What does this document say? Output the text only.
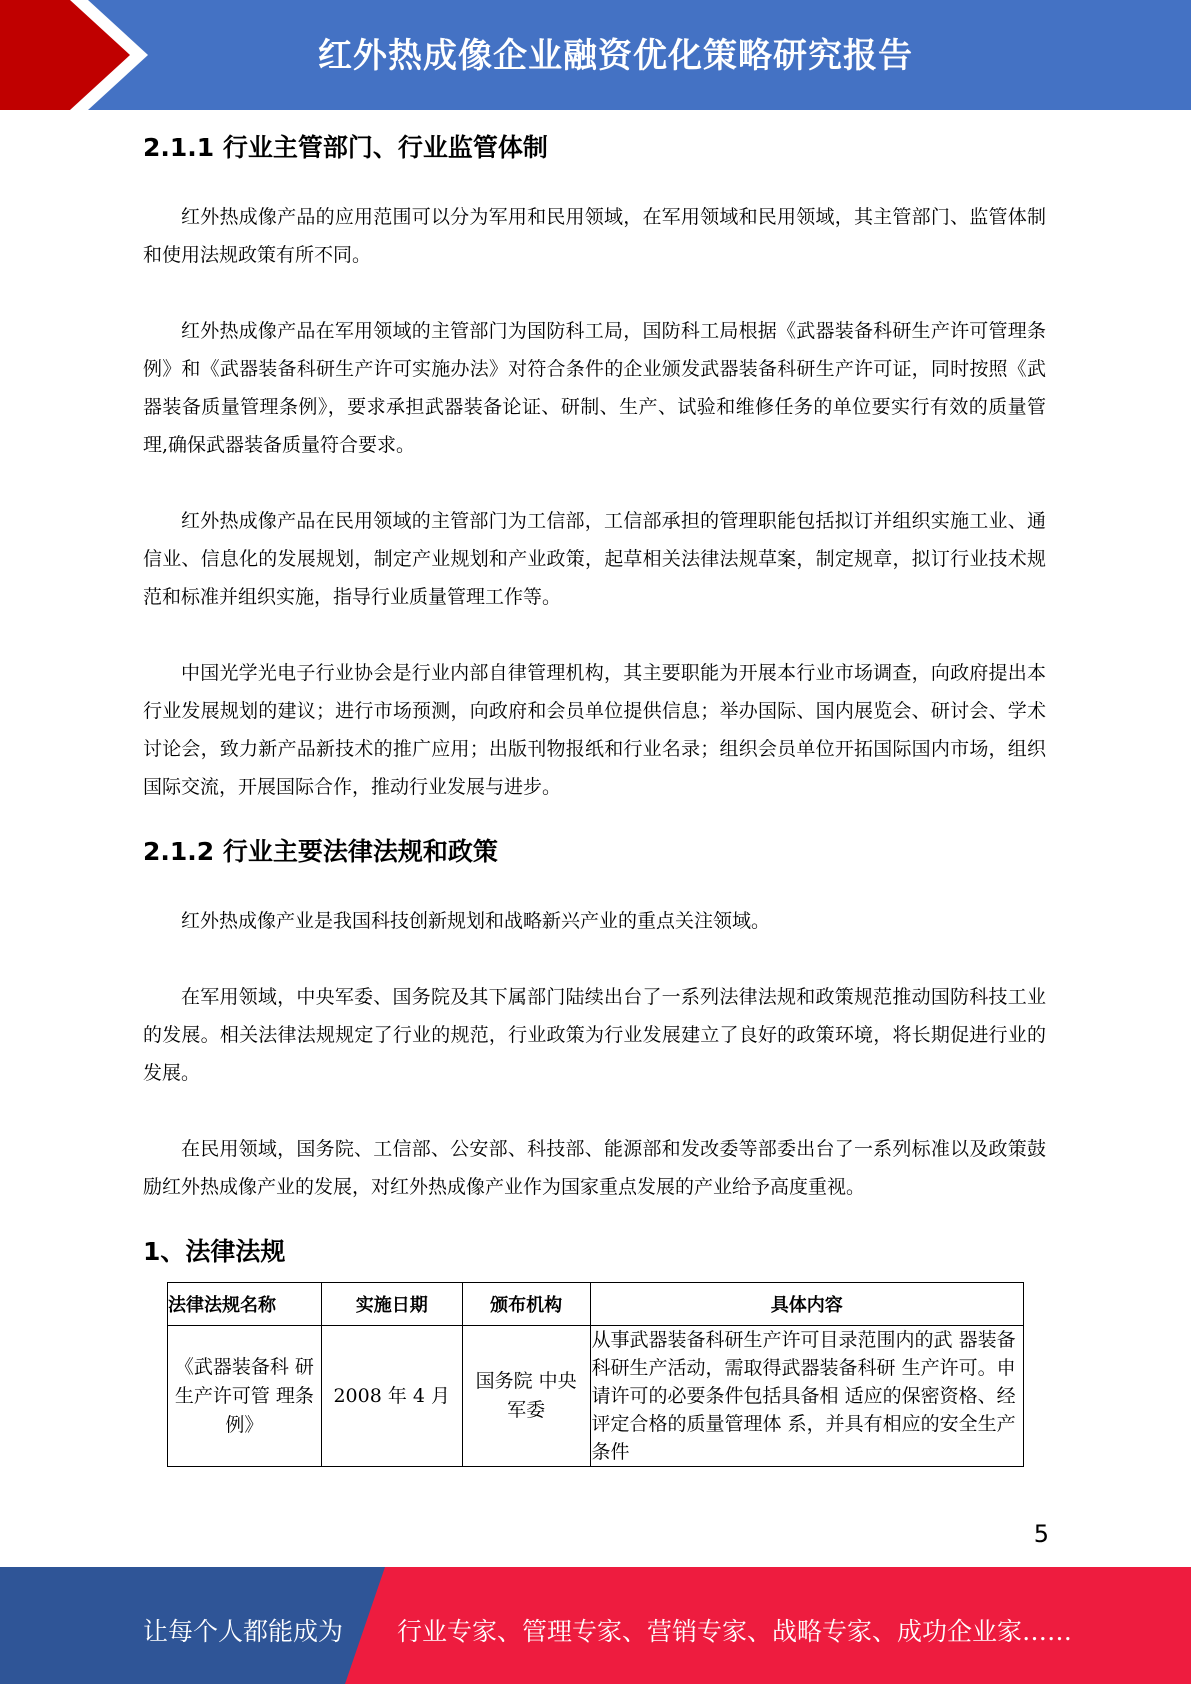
红外热成像企业融资优化策略研究报告
2.1.1 行业主管部门、行业监管体制

红外热成像产品的应用范围可以分为军用和民用领域，在军用领域和民用领域，其主管部门、监管体制和使用法规政策有所不同。

红外热成像产品在军用领域的主管部门为国防科工局，国防科工局根据《武器装备科研生产许可管理条例》和《武器装备科研生产许可实施办法》对符合条件的企业颁发武器装备科研生产许可证，同时按照《武器装备质量管理条例》，要求承担武器装备论证、研制、生产、试验和维修任务的单位要实行有效的质量管理,确保武器装备质量符合要求。

红外热成像产品在民用领域的主管部门为工信部，工信部承担的管理职能包括拟订并组织实施工业、通信业、信息化的发展规划，制定产业规划和产业政策，起草相关法律法规草案，制定规章，拟订行业技术规范和标准并组织实施，指导行业质量管理工作等。

中国光学光电子行业协会是行业内部自律管理机构，其主要职能为开展本行业市场调查，向政府提出本行业发展规划的建议；进行市场预测，向政府和会员单位提供信息；举办国际、国内展览会、研讨会、学术讨论会，致力新产品新技术的推广应用；出版刊物报纸和行业名录；组织会员单位开拓国际国内市场，组织国际交流，开展国际合作，推动行业发展与进步。

2.1.2 行业主要法律法规和政策

红外热成像产业是我国科技创新规划和战略新兴产业的重点关注领域。

在军用领域，中央军委、国务院及其下属部门陆续出台了一系列法律法规和政策规范推动国防科技工业的发展。相关法律法规规定了行业的规范，行业政策为行业发展建立了良好的政策环境，将长期促进行业的发展。

在民用领域，国务院、工信部、公安部、科技部、能源部和发改委等部委出台了一系列标准以及政策鼓励红外热成像产业的发展，对红外热成像产业作为国家重点发展的产业给予高度重视。

1、法律法规
法律法规名称	实施日期	颁布机构	具体内容
《武器装备科 研生产许可管 理条例》	2008 年 4 月	国务院 中央军委	从事武器装备科研生产许可目录范围内的武 器装备科研生产活动，需取得武器装备科研 生产许可。申请许可的必要条件包括具备相 适应的保密资格、经评定合格的质量管理体 系，并具有相应的安全生产条件
5
让每个人都能成为 行业专家、管理专家、营销专家、战略专家、成功企业家……
